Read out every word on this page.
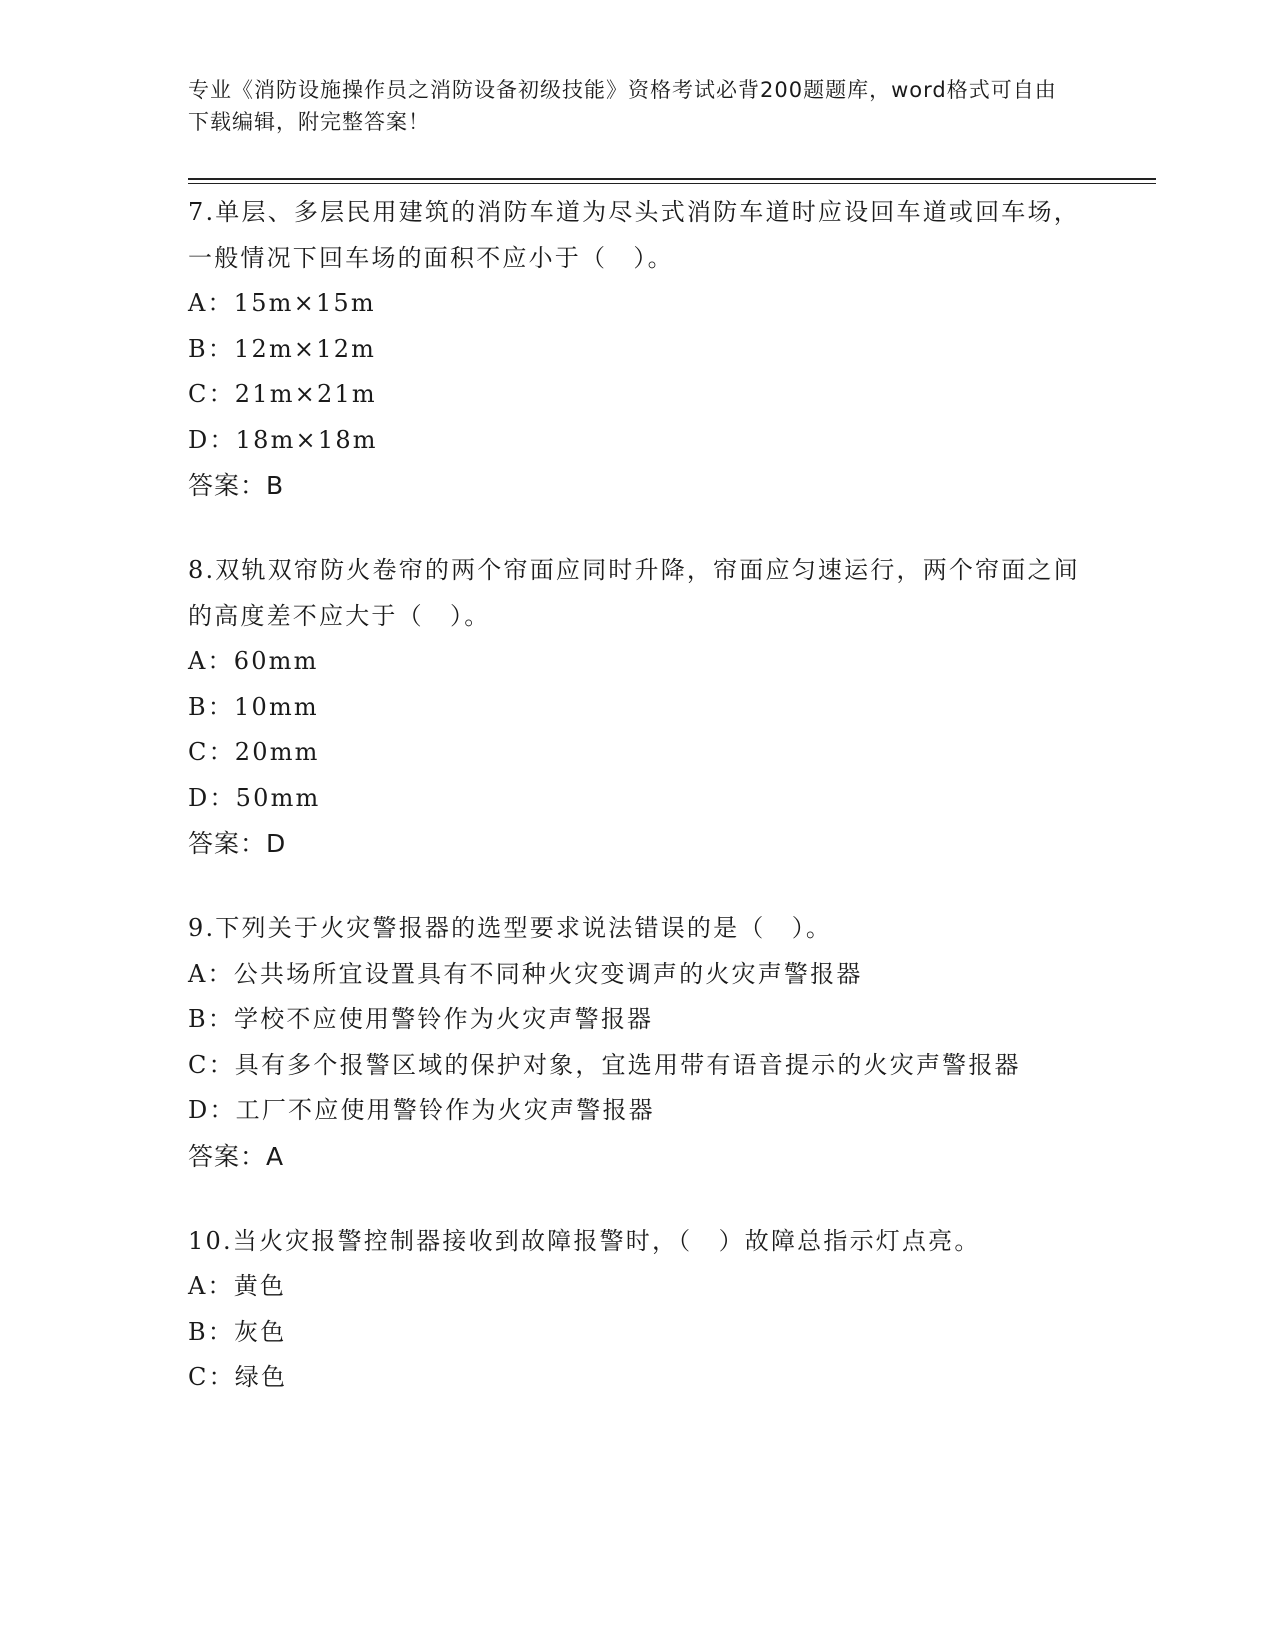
专业《消防设施操作员之消防设备初级技能》资格考试必背200题题库，word格式可自由下载编辑，附完整答案！

7.单层、多层民用建筑的消防车道为尽头式消防车道时应设回车道或回车场，一般情况下回车场的面积不应小于（　）。

A：15m×15m

B：12m×12m

C：21m×21m

D：18m×18m

答案：B

8.双轨双帘防火卷帘的两个帘面应同时升降，帘面应匀速运行，两个帘面之间的高度差不应大于（　）。

A：60mm

B：10mm

C：20mm

D：50mm

答案：D

9.下列关于火灾警报器的选型要求说法错误的是（　）。

A：公共场所宜设置具有不同种火灾变调声的火灾声警报器

B：学校不应使用警铃作为火灾声警报器

C：具有多个报警区域的保护对象，宜选用带有语音提示的火灾声警报器

D：工厂不应使用警铃作为火灾声警报器

答案：A

10.当火灾报警控制器接收到故障报警时，（　）故障总指示灯点亮。

A：黄色

B：灰色

C：绿色
